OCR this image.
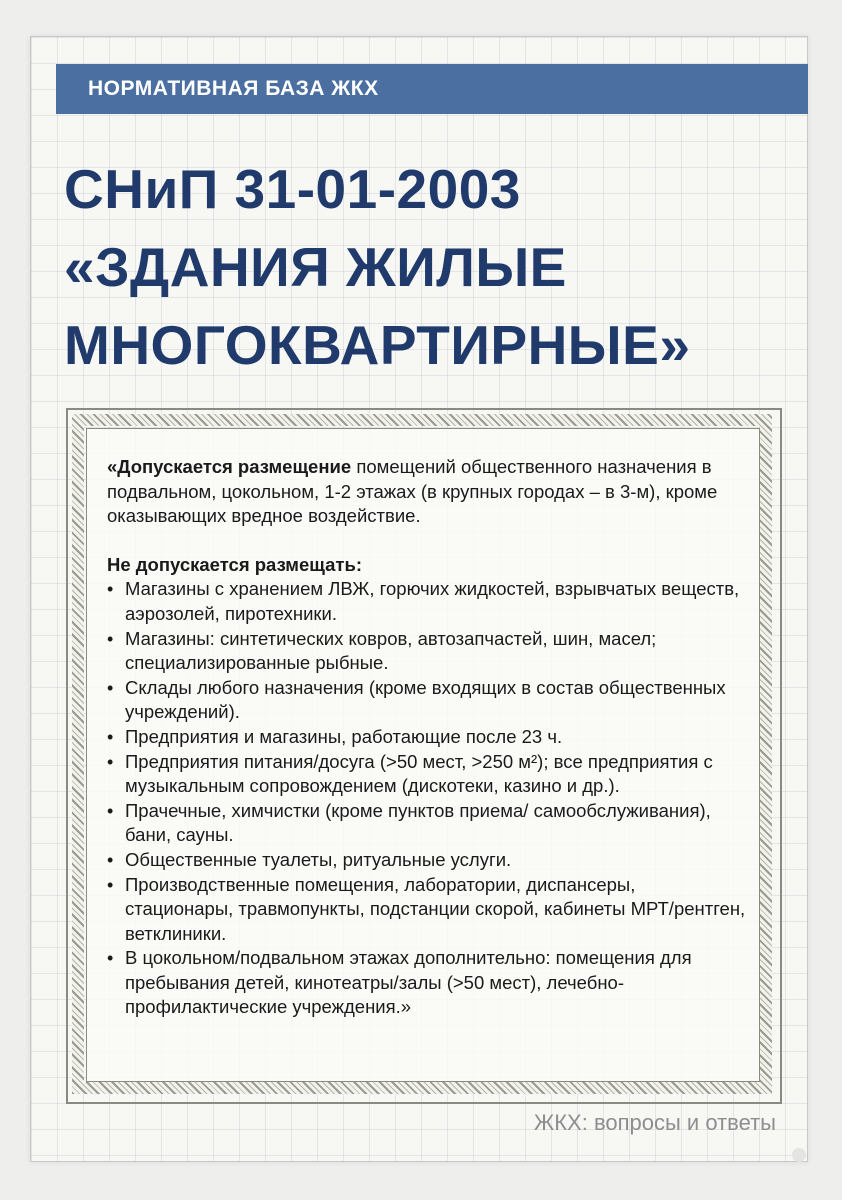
НОРМАТИВНАЯ БАЗА ЖКХ
СНиП 31-01-2003
«ЗДАНИЯ ЖИЛЫЕ
МНОГОКВАРТИРНЫЕ»

«Допускается размещение помещений общественного назначения в подвальном, цокольном, 1-2 этажах (в крупных городах – в 3-м), кроме оказывающих вредное воздействие.

Не допускается размещать:

• Магазины с хранением ЛВЖ, горючих жидкостей, взрывчатых веществ, аэрозолей, пиротехники.
• Магазины: синтетических ковров, автозапчастей, шин, масел; специализированные рыбные.
• Склады любого назначения (кроме входящих в состав общественных учреждений).
• Предприятия и магазины, работающие после 23 ч.
• Предприятия питания/досуга (>50 мест, >250 м²); все предприятия с музыкальным сопровождением (дискотеки, казино и др.).
• Прачечные, химчистки (кроме пунктов приема/ самообслуживания), бани, сауны.
• Общественные туалеты, ритуальные услуги.
• Производственные помещения, лаборатории, диспансеры, стационары, травмопункты, подстанции скорой, кабинеты МРТ/рентген, ветклиники.
• В цокольном/подвальном этажах дополнительно: помещения для пребывания детей, кинотеатры/залы (>50 мест), лечебно-профилактические учреждения.»
ЖКХ: вопросы и ответы
